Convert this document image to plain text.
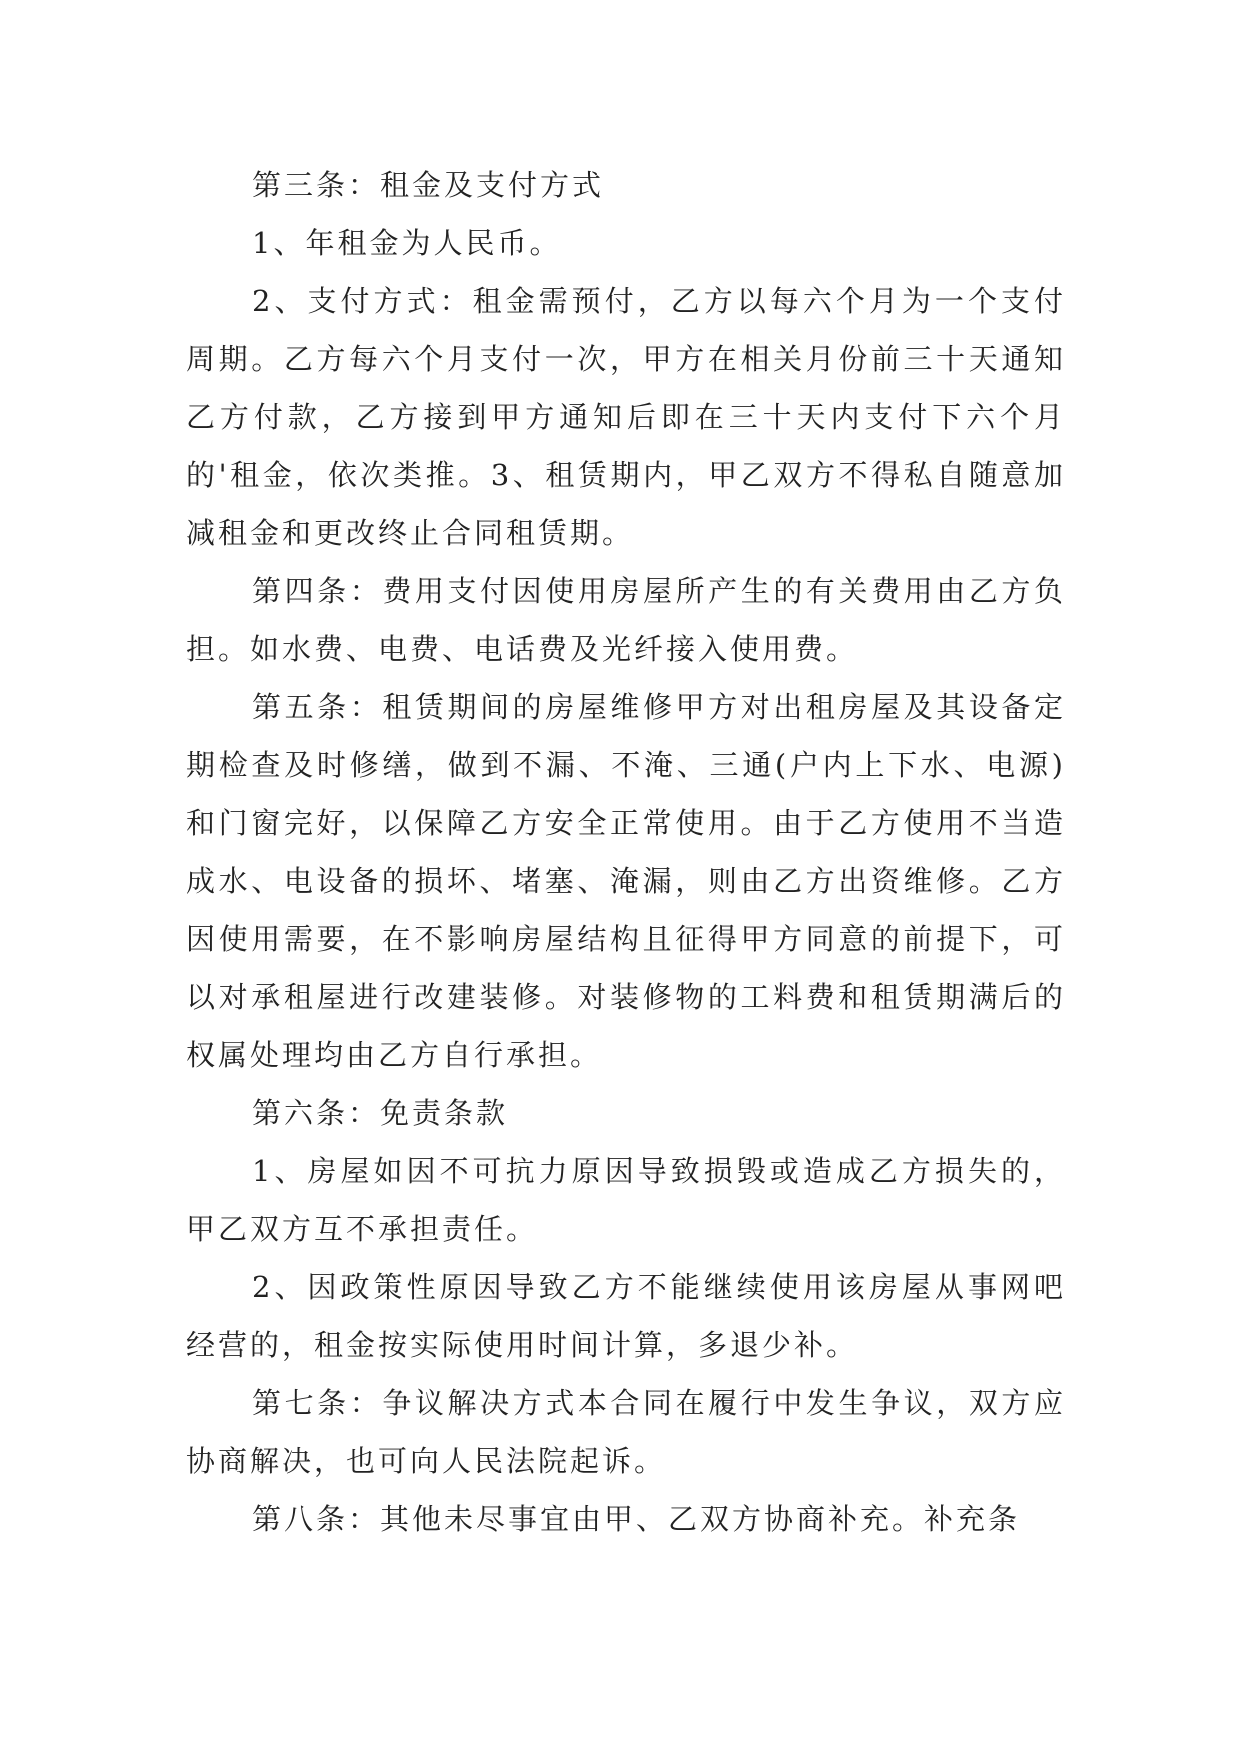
第三条：租金及支付方式

1、年租金为人民币。

2、支付方式：租金需预付，乙方以每六个月为一个支付周期。乙方每六个月支付一次，甲方在相关月份前三十天通知乙方付款，乙方接到甲方通知后即在三十天内支付下六个月的'租金，依次类推。3、租赁期内，甲乙双方不得私自随意加减租金和更改终止合同租赁期。

第四条：费用支付因使用房屋所产生的有关费用由乙方负担。如水费、电费、电话费及光纤接入使用费。

第五条：租赁期间的房屋维修甲方对出租房屋及其设备定期检查及时修缮，做到不漏、不淹、三通(户内上下水、电源)和门窗完好，以保障乙方安全正常使用。由于乙方使用不当造成水、电设备的损坏、堵塞、淹漏，则由乙方出资维修。乙方因使用需要，在不影响房屋结构且征得甲方同意的前提下，可以对承租屋进行改建装修。对装修物的工料费和租赁期满后的权属处理均由乙方自行承担。

第六条：免责条款

1、房屋如因不可抗力原因导致损毁或造成乙方损失的，甲乙双方互不承担责任。

2、因政策性原因导致乙方不能继续使用该房屋从事网吧经营的，租金按实际使用时间计算，多退少补。

第七条：争议解决方式本合同在履行中发生争议，双方应协商解决，也可向人民法院起诉。

第八条：其他未尽事宜由甲、乙双方协商补充。补充条
